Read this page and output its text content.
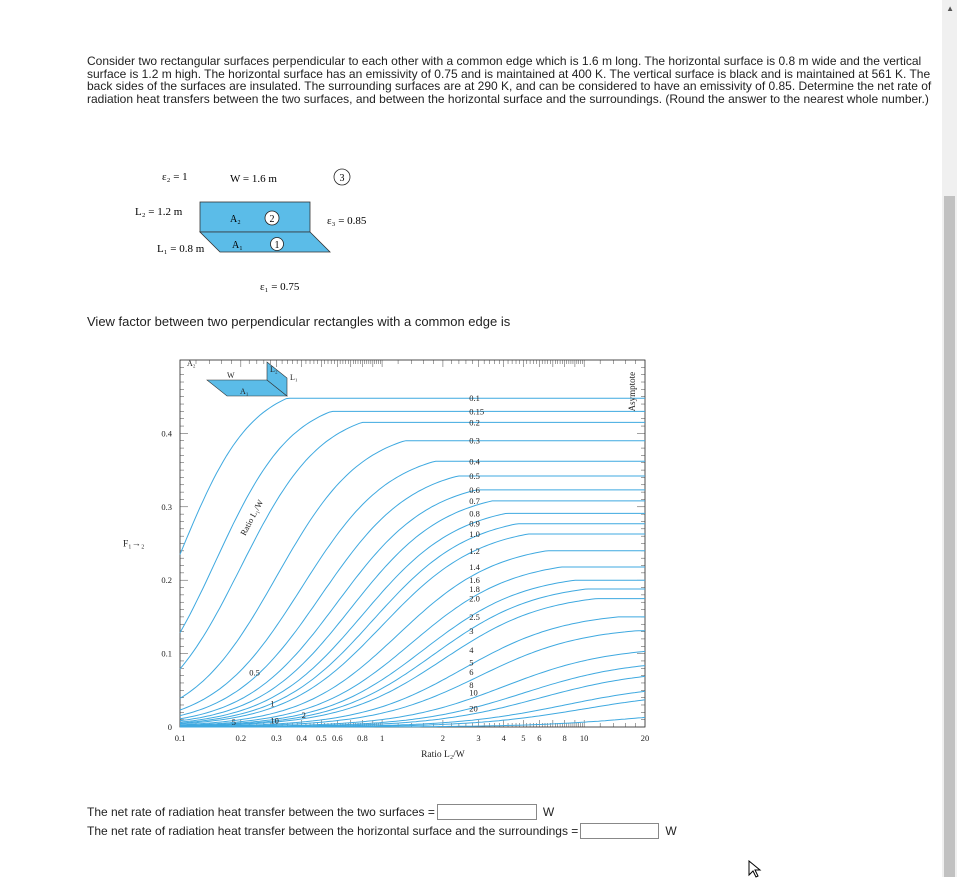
Consider two rectangular surfaces perpendicular to each other with a common edge which is 1.6 m long. The horizontal surface is 0.8 m wide and the vertical surface is 1.2 m high. The horizontal surface has an emissivity of 0.75 and is maintained at 400 K. The vertical surface is black and is maintained at 561 K. The back sides of the surfaces are insulated. The surrounding surfaces are at 290 K, and can be considered to have an emissivity of 0.85. Determine the net rate of radiation heat transfers between the two surfaces, and between the horizontal surface and the surroundings. (Round the answer to the nearest whole number.)
ε₂ = 1	W = 1.6 m	3
L₂ = 1.2 m
A₂	2	ε₃ = 0.85
L₁ = 0.8 m	A₁	1
ε₁ = 0.75
View factor between two perpendicular rectangles with a common edge is
0.1	0.2	0.3 0.4 0.5 0.6 0.8 1	2	3 4 5 6 8 10	20
0
0.1
0.2
0.3
0.4
Ratio L₂/W
F₁→₂
0.1
0.15
0.2
0.3
0.4
0.5
0.6
0.7
0.8
0.9
1.0
1.2
1.4
1.6
1.8
2.0
2.5
3
4
5
6
8
10
20
0.5
1
2
5	10
Ratio L₁/W
Asymptote
A₂
W
A₁
L₂
L₁
The net rate of radiation heat transfer between the two surfaces =	W
The net rate of radiation heat transfer between the horizontal surface and the surroundings =	W
▲
